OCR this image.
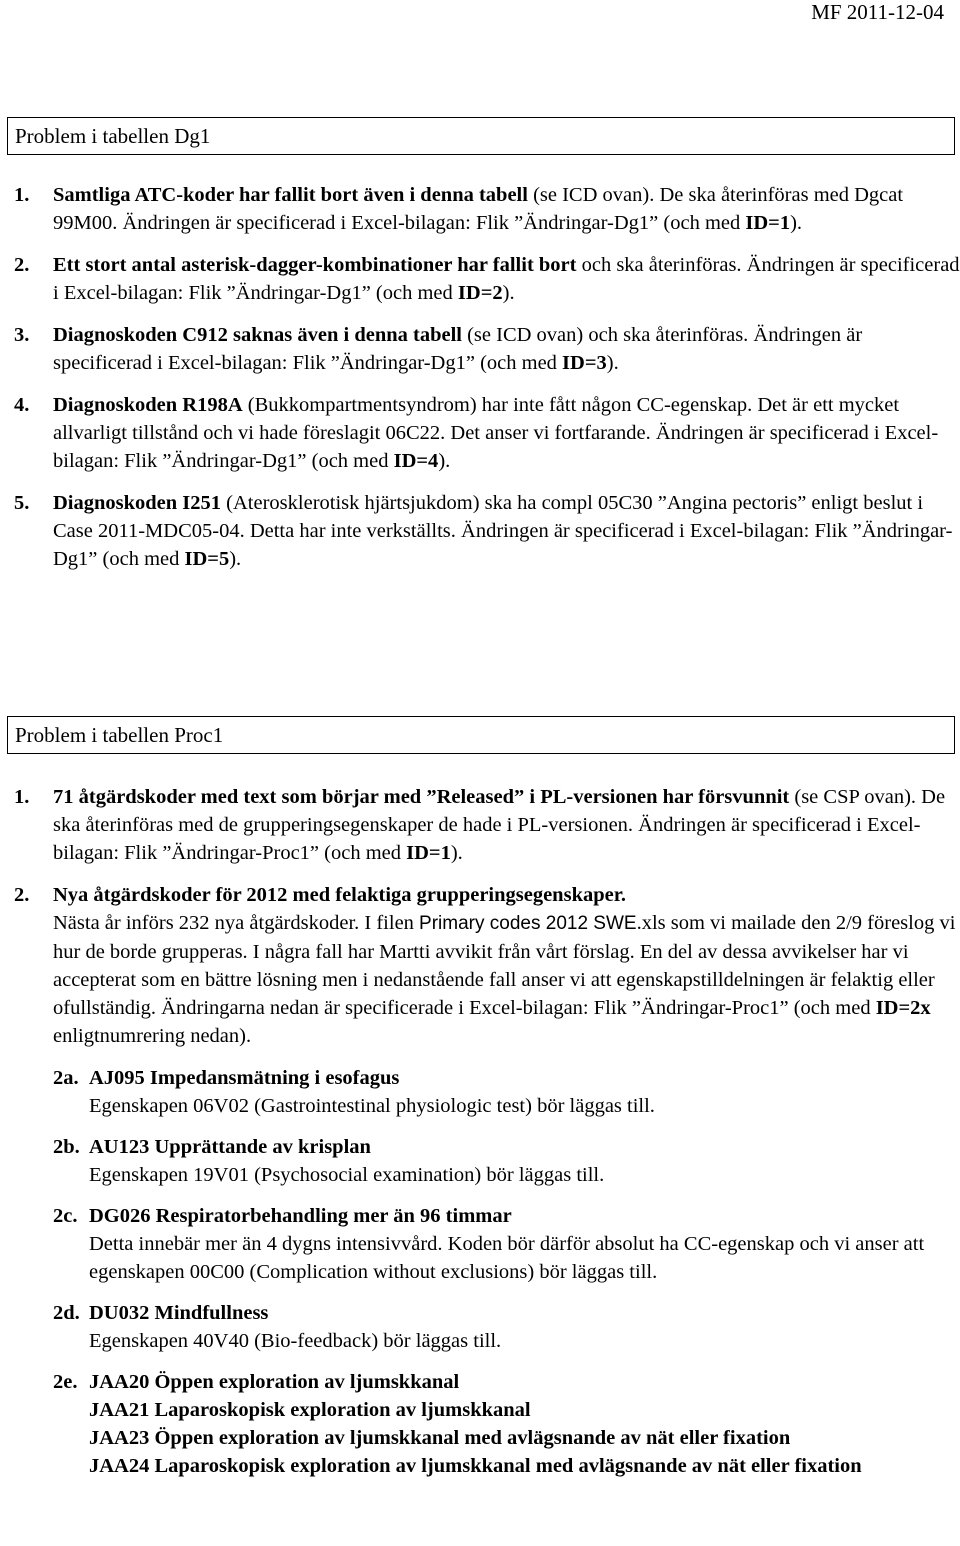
MF 2011-12-04
Problem i tabellen Dg1
1. Samtliga ATC-koder har fallit bort även i denna tabell (se ICD ovan). De ska återinföras med Dgcat 99M00. Ändringen är specificerad i Excel-bilagan: Flik ”Ändringar-Dg1” (och med ID=1).

2. Ett stort antal asterisk-dagger-kombinationer har fallit bort och ska återinföras. Ändringen är specificerad i Excel-bilagan: Flik ”Ändringar-Dg1” (och med ID=2).

3. Diagnoskoden C912 saknas även i denna tabell (se ICD ovan) och ska återinföras. Ändringen är specificerad i Excel-bilagan: Flik ”Ändringar-Dg1” (och med ID=3).

4. Diagnoskoden R198A (Bukkompartmentsyndrom) har inte fått någon CC-egenskap. Det är ett mycket allvarligt tillstånd och vi hade föreslagit 06C22. Det anser vi fortfarande. Ändringen är specificerad i Excel-bilagan: Flik ”Ändringar-Dg1” (och med ID=4).

5. Diagnoskoden I251 (Aterosklerotisk hjärtsjukdom) ska ha compl 05C30 ”Angina pectoris” enligt beslut i Case 2011-MDC05-04. Detta har inte verkställts. Ändringen är specificerad i Excel-bilagan: Flik ”Ändringar-Dg1” (och med ID=5).

Problem i tabellen Proc1
1. 71 åtgärdskoder med text som börjar med ”Released” i PL-versionen har försvunnit (se CSP ovan). De ska återinföras med de grupperingsegenskaper de hade i PL-versionen. Ändringen är specificerad i Excel-bilagan: Flik ”Ändringar-Proc1” (och med ID=1).

2. Nya åtgärdskoder för 2012 med felaktiga grupperingsegenskaper.
Nästa år införs 232 nya åtgärdskoder. I filen Primary codes 2012 SWE.xls som vi mailade den 2/9 föreslog vi hur de borde grupperas. I några fall har Martti avvikit från vårt förslag. En del av dessa avvikelser har vi accepterat som en bättre lösning men i nedanstående fall anser vi att egenskapstilldelningen är felaktig eller ofullständig. Ändringarna nedan är specificerade i Excel-bilagan: Flik ”Ändringar-Proc1” (och med ID=2x enligtnumrering nedan).

2a. AJ095 Impedansmätning i esofagus

Egenskapen 06V02 (Gastrointestinal physiologic test) bör läggas till.

2b. AU123 Upprättande av krisplan

Egenskapen 19V01 (Psychosocial examination) bör läggas till.

2c. DG026 Respiratorbehandling mer än 96 timmar

Detta innebär mer än 4 dygns intensivvård. Koden bör därför absolut ha CC-egenskap och vi anser att egenskapen 00C00 (Complication without exclusions) bör läggas till.

2d. DU032 Mindfullness

Egenskapen 40V40 (Bio-feedback) bör läggas till.

2e. JAA20 Öppen exploration av ljumskkanal

JAA21 Laparoskopisk exploration av ljumskkanal

JAA23 Öppen exploration av ljumskkanal med avlägsnande av nät eller fixation

JAA24 Laparoskopisk exploration av ljumskkanal med avlägsnande av nät eller fixation
